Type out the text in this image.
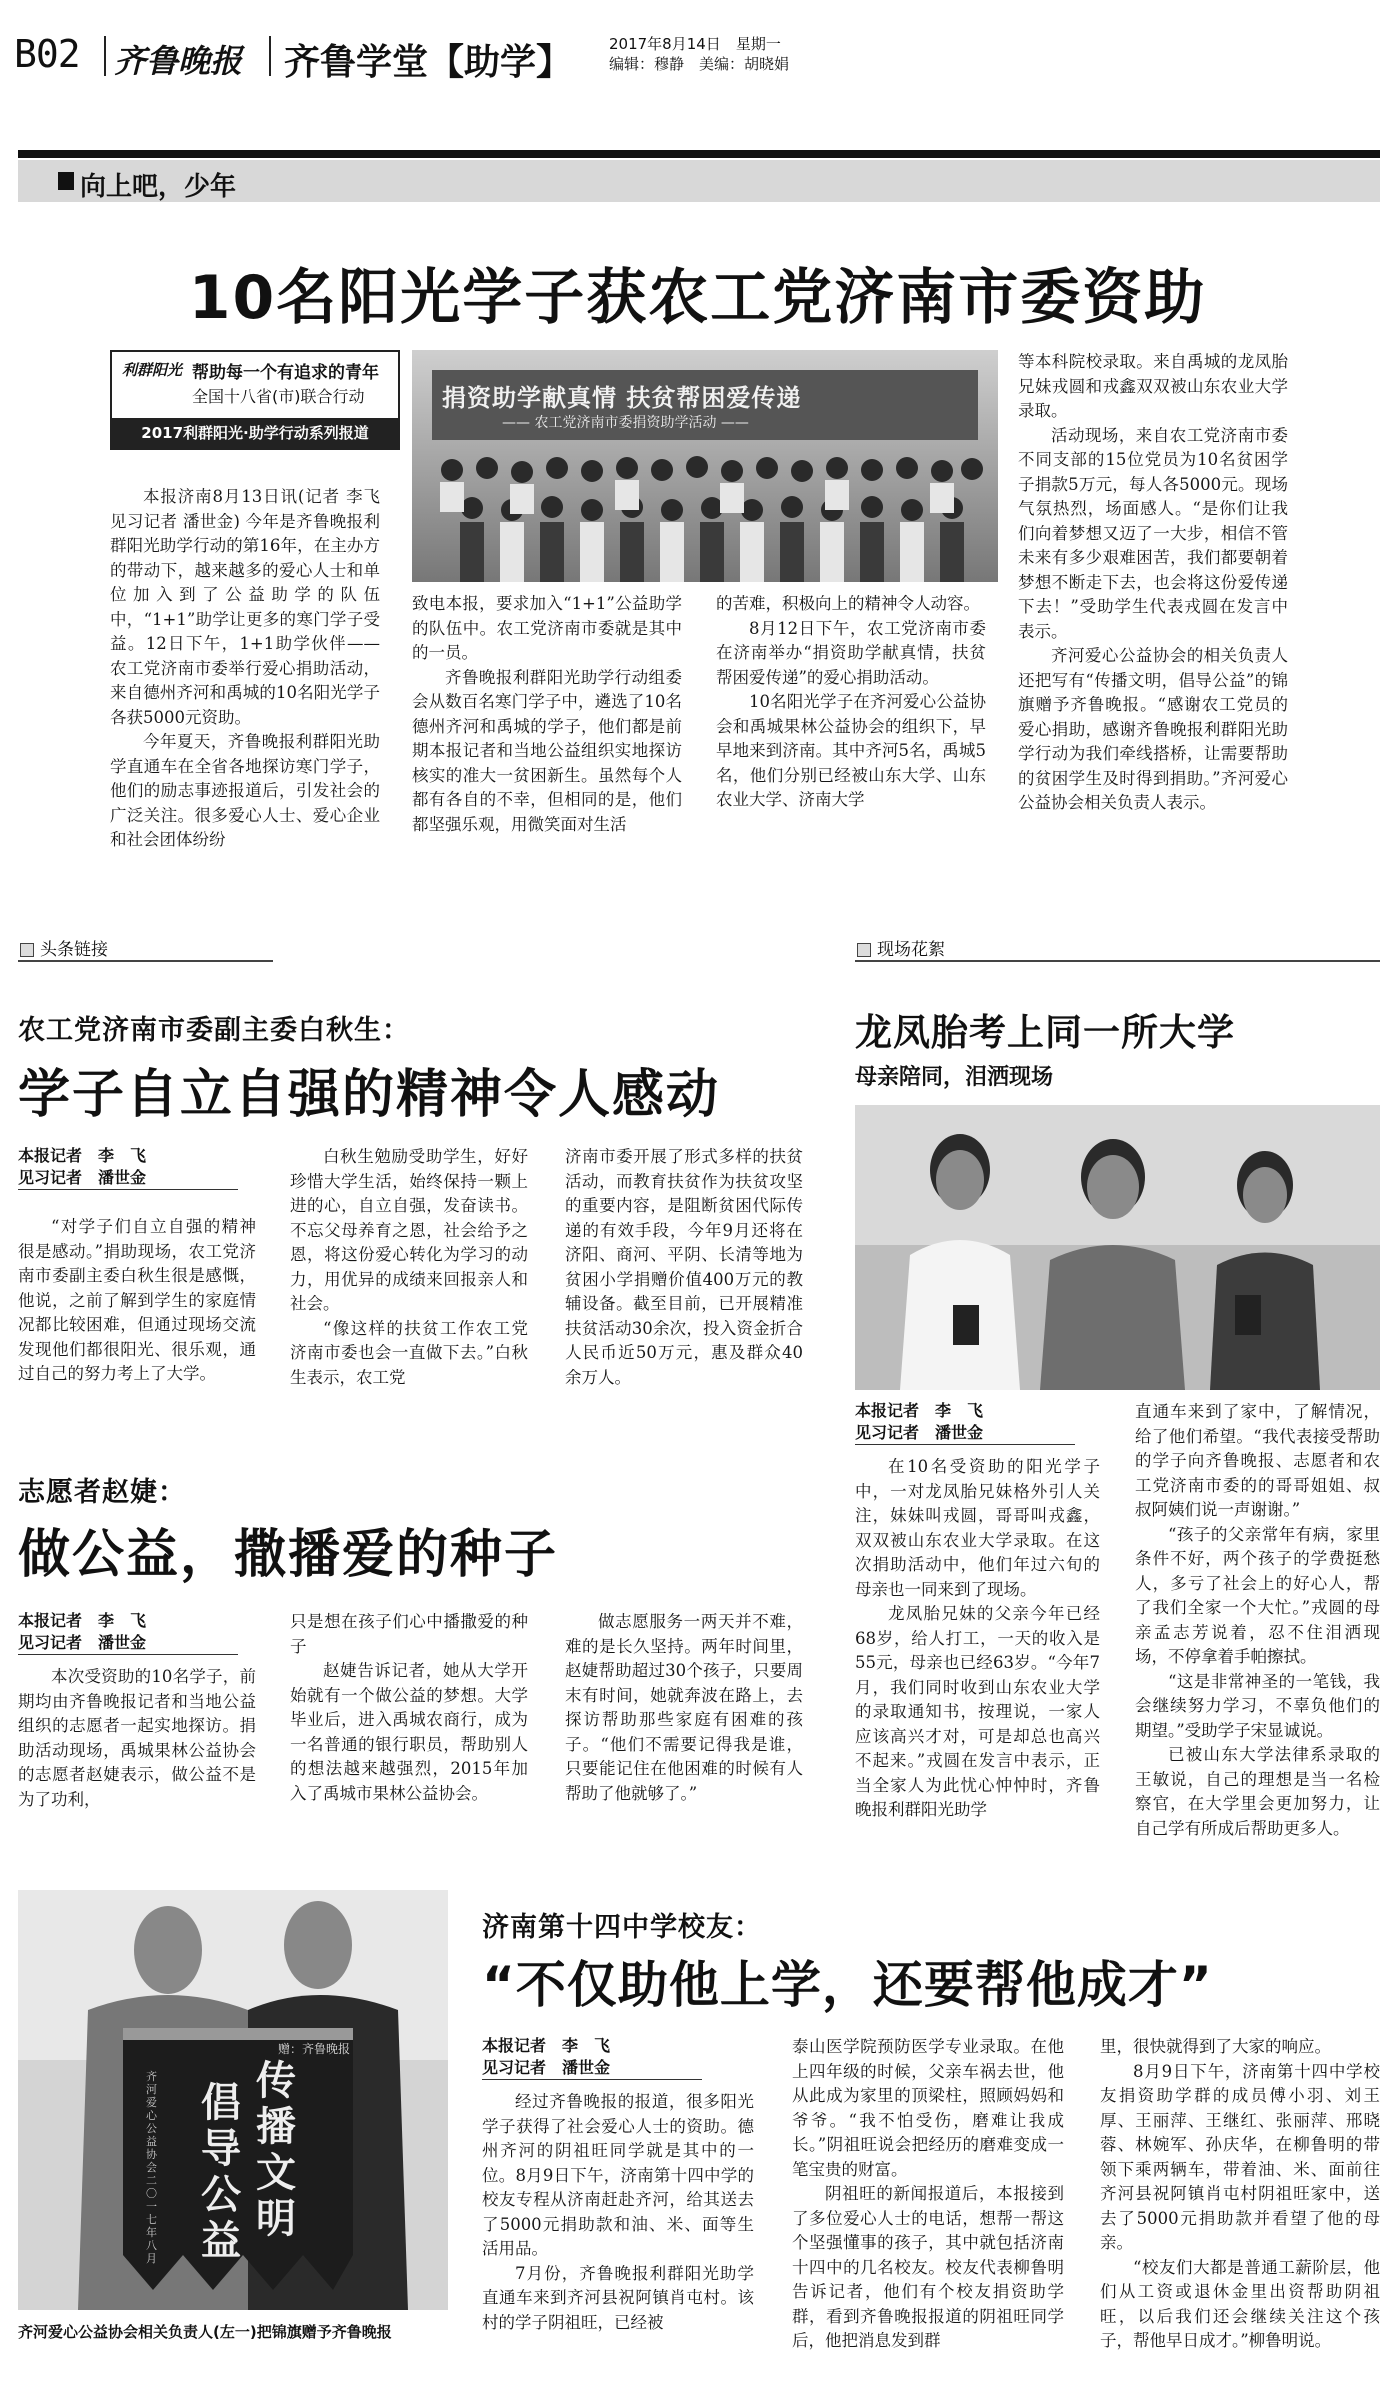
B02 齐鲁晚报 齐鲁学堂【助学】 2017年8月14日　 星期一
编辑：穆静　 美编：胡晓娟
向上吧，少年
10名阳光学子获农工党济南市委资助
利群阳光 帮助每一个有追求的青年
全国十八省(市)联合行动
2017利群阳光·助学行动系列报道
捐资助学献真情 扶贫帮困爱传递
—— 农工党济南市委捐资助学活动 ——

本报济南8月13日讯(记者 李飞 见习记者 潘世金) 今年是齐鲁晚报利群阳光助学行动的第16年，在主办方的带动下，越来越多的爱心人士和单位加入到了公益助学的队伍中，“1+1”助学让更多的寒门学子受益。12日下午，1+1助学伙伴——农工党济南市委举行爱心捐助活动，来自德州齐河和禹城的10名阳光学子各获5000元资助。

今年夏天，齐鲁晚报利群阳光助学直通车在全省各地探访寒门学子，他们的励志事迹报道后，引发社会的广泛关注。很多爱心人士、爱心企业和社会团体纷纷

致电本报，要求加入“1+1”公益助学的队伍中。农工党济南市委就是其中的一员。

齐鲁晚报利群阳光助学行动组委会从数百名寒门学子中，遴选了10名德州齐河和禹城的学子，他们都是前期本报记者和当地公益组织实地探访核实的准大一贫困新生。虽然每个人都有各自的不幸，但相同的是，他们都坚强乐观，用微笑面对生活

的苦难，积极向上的精神令人动容。

8月12日下午，农工党济南市委在济南举办“捐资助学献真情，扶贫帮困爱传递”的爱心捐助活动。

10名阳光学子在齐河爱心公益协会和禹城果林公益协会的组织下，早早地来到济南。其中齐河5名，禹城5名，他们分别已经被山东大学、山东农业大学、济南大学

等本科院校录取。来自禹城的龙凤胎兄妹戎圆和戎鑫双双被山东农业大学录取。

活动现场，来自农工党济南市委不同支部的15位党员为10名贫困学子捐款5万元，每人各5000元。现场气氛热烈，场面感人。“是你们让我们向着梦想又迈了一大步，相信不管未来有多少艰难困苦，我们都要朝着梦想不断走下去，也会将这份爱传递下去！”受助学生代表戎圆在发言中表示。

齐河爱心公益协会的相关负责人还把写有“传播文明，倡导公益”的锦旗赠予齐鲁晚报。“感谢农工党员的爱心捐助，感谢齐鲁晚报利群阳光助学行动为我们牵线搭桥，让需要帮助的贫困学生及时得到捐助。”齐河爱心公益协会相关负责人表示。

头条链接	现场花絮
农工党济南市委副主委白秋生：
学子自立自强的精神令人感动
本报记者　李　飞
见习记者　潘世金

“对学子们自立自强的精神很是感动。”捐助现场，农工党济南市委副主委白秋生很是感慨，他说，之前了解到学生的家庭情况都比较困难，但通过现场交流发现他们都很阳光、很乐观，通过自己的努力考上了大学。

白秋生勉励受助学生，好好珍惜大学生活，始终保持一颗上进的心，自立自强，发奋读书。不忘父母养育之恩，社会给予之恩，将这份爱心转化为学习的动力，用优异的成绩来回报亲人和社会。

“像这样的扶贫工作农工党济南市委也会一直做下去。”白秋生表示，农工党

济南市委开展了形式多样的扶贫活动，而教育扶贫作为扶贫攻坚的重要内容，是阻断贫困代际传递的有效手段，今年9月还将在济阳、商河、平阴、长清等地为贫困小学捐赠价值400万元的教辅设备。截至目前，已开展精准扶贫活动30余次，投入资金折合人民币近50万元，惠及群众40余万人。

志愿者赵婕：
做公益，撒播爱的种子
本报记者　李　飞
见习记者　潘世金

本次受资助的10名学子，前期均由齐鲁晚报记者和当地公益组织的志愿者一起实地探访。捐助活动现场，禹城果林公益协会的志愿者赵婕表示，做公益不是为了功利，

只是想在孩子们心中播撒爱的种子

赵婕告诉记者，她从大学开始就有一个做公益的梦想。大学毕业后，进入禹城农商行，成为一名普通的银行职员，帮助别人的想法越来越强烈，2015年加入了禹城市果林公益协会。

做志愿服务一两天并不难，难的是长久坚持。两年时间里，赵婕帮助超过30个孩子，只要周末有时间，她就奔波在路上，去探访帮助那些家庭有困难的孩子。“他们不需要记得我是谁，只要能记住在他困难的时候有人帮助了他就够了。”

龙凤胎考上同一所大学
母亲陪同，泪洒现场
本报记者　李　飞
见习记者　潘世金

在10名受资助的阳光学子中，一对龙凤胎兄妹格外引人关注，妹妹叫戎圆，哥哥叫戎鑫，双双被山东农业大学录取。在这次捐助活动中，他们年过六旬的母亲也一同来到了现场。

龙凤胎兄妹的父亲今年已经68岁，给人打工，一天的收入是55元，母亲也已经63岁。“今年7月，我们同时收到山东农业大学的录取通知书，按理说，一家人应该高兴才对，可是却总也高兴不起来。”戎圆在发言中表示，正当全家人为此忧心忡忡时，齐鲁晚报利群阳光助学

直通车来到了家中，了解情况，给了他们希望。“我代表接受帮助的学子向齐鲁晚报、志愿者和农工党济南市委的的哥哥姐姐、叔叔阿姨们说一声谢谢。”

“孩子的父亲常年有病，家里条件不好，两个孩子的学费挺愁人，多亏了社会上的好心人，帮了我们全家一个大忙。”戎圆的母亲孟志芳说着，忍不住泪洒现场，不停拿着手帕擦拭。

“这是非常神圣的一笔钱，我会继续努力学习，不辜负他们的期望。”受助学子宋显诚说。

已被山东大学法律系录取的王敏说，自己的理想是当一名检察官，在大学里会更加努力，让自己学有所成后帮助更多人。

赠：齐鲁晚报
传
播
文
明
倡
导
公
益
齐河爱心公益协会 二〇一七年八月
齐河爱心公益协会相关负责人(左一)把锦旗赠予齐鲁晚报
济南第十四中学校友：
“不仅助他上学，还要帮他成才”
本报记者　李　飞
见习记者　潘世金

经过齐鲁晚报的报道，很多阳光学子获得了社会爱心人士的资助。德州齐河的阴祖旺同学就是其中的一位。8月9日下午，济南第十四中学的校友专程从济南赶赴齐河，给其送去了5000元捐助款和油、米、面等生活用品。

7月份，齐鲁晚报利群阳光助学直通车来到齐河县祝阿镇肖屯村。该村的学子阴祖旺，已经被

泰山医学院预防医学专业录取。在他上四年级的时候，父亲车祸去世，他从此成为家里的顶梁柱，照顾妈妈和爷爷。“我不怕受伤，磨难让我成长。”阴祖旺说会把经历的磨难变成一笔宝贵的财富。

阴祖旺的新闻报道后，本报接到了多位爱心人士的电话，想帮一帮这个坚强懂事的孩子，其中就包括济南十四中的几名校友。校友代表柳鲁明告诉记者，他们有个校友捐资助学群，看到齐鲁晚报报道的阴祖旺同学后，他把消息发到群

里，很快就得到了大家的响应。

8月9日下午，济南第十四中学校友捐资助学群的成员傅小羽、刘王厚、王丽萍、王继红、张丽萍、邢晓蓉、林婉军、孙庆华，在柳鲁明的带领下乘两辆车，带着油、米、面前往齐河县祝阿镇肖屯村阴祖旺家中，送去了5000元捐助款并看望了他的母亲。

“校友们大都是普通工薪阶层，他们从工资或退休金里出资帮助阴祖旺，以后我们还会继续关注这个孩子，帮他早日成才。”柳鲁明说。
